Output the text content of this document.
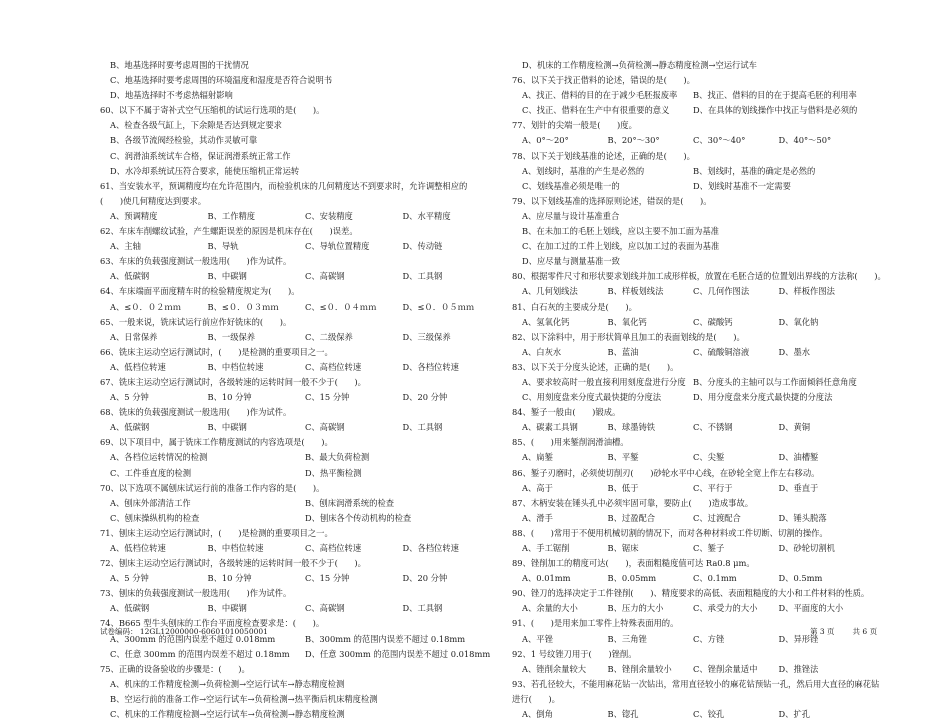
B、地基选择时要考虑周围的干扰情况
C、地基选择时要考虑周围的环境温度和湿度是否符合说明书
D、地基选择时不考虑热辐射影响
60、以下不属于寄补式空气压缩机的试运行选项的是(　　)。
A、检查各级气缸上，下余隙是否达到规定要求
B、各级节流阀经检验，其动作灵敏可靠
C、润滑油系统试车合格，保证润滑系统正常工作
D、水冷却系统试压符合要求，能使压缩机正常运转
61、当安装水平，预调精度均在允许范围内，而检验机床的几何精度达不到要求时，允许调整相应的
(　　)使几何精度达到要求。
A、预调精度	B、工作精度	C、安装精度	D、水平精度
62、车床车削螺纹试验，产生螺距误差的原因是机床存在(　　)误差。
A、主轴	B、导轨	C、导轨位置精度	D、传动链
63、车床的负载强度测试一般选用(　　)作为试件。
A、低碳钢	B、中碳钢	C、高碳钢	D、工具钢
64、车床端面平面度精车时的检验精度规定为(　　)。
A、≤０．０２ｍｍ	B、≤０．０３ｍｍ	C、≤０．０４ｍｍ	D、≤０．０５ｍｍ
65、一般来说，铣床试运行前应作好铣床的(　　)。
A、日常保养	B、一级保养	C、二级保养	D、三级保养
66、铣床主运动空运行测试时，(　　)是检测的重要项目之一。
A、低档位转速	B、中档位转速	C、高档位转速	D、各档位转速
67、铣床主运动空运行测试时，各级转速的运转时间一般不少于(　　)。
A、5 分钟	B、10 分钟	C、15 分钟	D、20 分钟
68、铣床的负载强度测试一般选用(　　)作为试件。
A、低碳钢	B、中碳钢	C、高碳钢	D、工具钢
69、以下项目中，属于铣床工作精度测试的内容选项是(　　)。
A、各档位运转情况的检测	B、最大负荷检测
C、工件垂直度的检测	D、热平衡检测
70、以下选项不属刨床试运行前的准备工作内容的是(　　)。
A、刨床外部清洁工作	B、刨床润滑系统的检查
C、刨床操纵机构的检查	D、刨床各个传动机构的检查
71、刨床主运动空运行测试时，(　　)是检测的重要项目之一。
A、低档位转速	B、中档位转速	C、高档位转速	D、各档位转速
72、刨床主运动空运行测试时，各级转速的运转时间一般不少于(　　)。
A、5 分钟	B、10 分钟	C、15 分钟	D、20 分钟
73、刨床的负载强度测试一般选用(　　)作为试件。
A、低碳钢	B、中碳钢	C、高碳钢	D、工具钢
74、B665 型牛头刨床的工作台平面度检查要求是：(　　)。
A、300mm 的范围内误差不超过 0.018mm	B、300mm 的范围内误差不超过 0.18mm
C、任意 300mm 的范围内误差不超过 0.18mm	D、任意 300mm 的范围内误差不超过 0.018mm
75、正确的设备验收的步骤是：(　　)。
A、机床的工作精度检测→负荷检测→空运行试车→静态精度检测
B、空运行前的准备工作→空运行试车→负荷检测→热平衡后机床精度检测
C、机床的工作精度检测→空运行试车→负荷检测→静态精度检测
D、机床的工作精度检测→负荷检测→静态精度检测→空运行试车
76、以下关于找正借料的论述，错误的是(　　)。
A、找正、借料的目的在于减少毛胚报废率	B、找正、借料的目的在于提高毛胚的利用率
C、找正、借料在生产中有很重要的意义	D、在具体的划线操作中找正与借料是必须的
77、划针的尖端一般是(　　)度。
A、0°～20°	B、20°～30°	C、30°～40°	D、40°～50°
78、以下关于划线基准的论述，正确的是(　　)。
A、划线时，基准的产生是必然的	B、划线时，基准的确定是必然的
C、划线基准必须是唯一的	D、划线时基准不一定需要
79、以下划线基准的选择原则论述，错误的是(　　)。
A、应尽量与设计基准重合
B、在未加工的毛胚上划线，应以主要不加工面为基准
C、在加工过的工件上划线，应以加工过的表面为基准
D、应尽量与测量基准一致
80、根据零件尺寸和形状要求划线并加工成形样板，放置在毛胚合适的位置划出界线的方法称(　　)。
A、几何划线法	B、样板划线法	C、几何作图法	D、样板作图法
81、白石灰的主要成分是(　　)。
A、氢氧化钙	B、氧化钙	C、碳酸钙	D、氧化钠
82、以下涂料中，用于形状简单且加工的表面划线的是(　　)。
A、白灰水	B、蓝油	C、硫酸铜溶液	D、墨水
83、以下关于分度头论述，正确的是(　　)。
A、要求较高时一般直接利用刻度盘进行分度 B、分度头的主轴可以与工作面倾斜任意角度
C、用刻度盘来分度式最快捷的分度法	D、用分度盘来分度式最快捷的分度法
84、錾子一般由(　　)锻成。
A、碳素工具钢	B、球墨铸铁	C、不锈钢	D、黄铜
85、(　　)用来錾削润滑油槽。
A、扁錾	B、平錾	C、尖錾	D、油槽錾
86、錾子刃磨时，必须使切削刃(　　)砂轮水平中心线，在砂轮全宽上作左右移动。
A、高于	B、低于	C、平行于	D、垂直于
87、木柄安装在锤头孔中必须牢固可靠，要防止(　　)造成事故。
A、滑手	B、过盈配合	C、过渡配合	D、锤头脱落
88、(　　)常用于不便用机械切割的情况下，而对各种材料或工件切断、切割的操作。
A、手工锯削	B、锯床	C、錾子	D、砂轮切割机
89、锉削加工的精度可达(　　)，表面粗糙度值可达 Ra0.8 μm。
A、0.01mm	B、0.05mm	C、0.1mm	D、0.5mm
90、锉刀的选择决定于工件锉削(　　)、精度要求的高低、表面粗糙度的大小和工件材料的性质。
A、余量的大小	B、压力的大小	C、承受力的大小	D、平面度的大小
91、(　　)是用来加工零件上特殊表面用的。
A、平锉	B、三角锉	C、方锉	D、异形锉
92、1 号纹锉刀用于(　　)锉削。
A、锉削余量较大	B、锉削余量较小	C、锉削余量适中	D、推锉法
93、若孔径较大，不能用麻花钻一次钻出，常用直径较小的麻花钻预钻一孔，然后用大直径的麻花钻
进行(　　)。
A、倒角	B、锪孔	C、铰孔	D、扩孔
试卷编码： 12GL12000000-60601010050001	第 3 页 共 6 页
